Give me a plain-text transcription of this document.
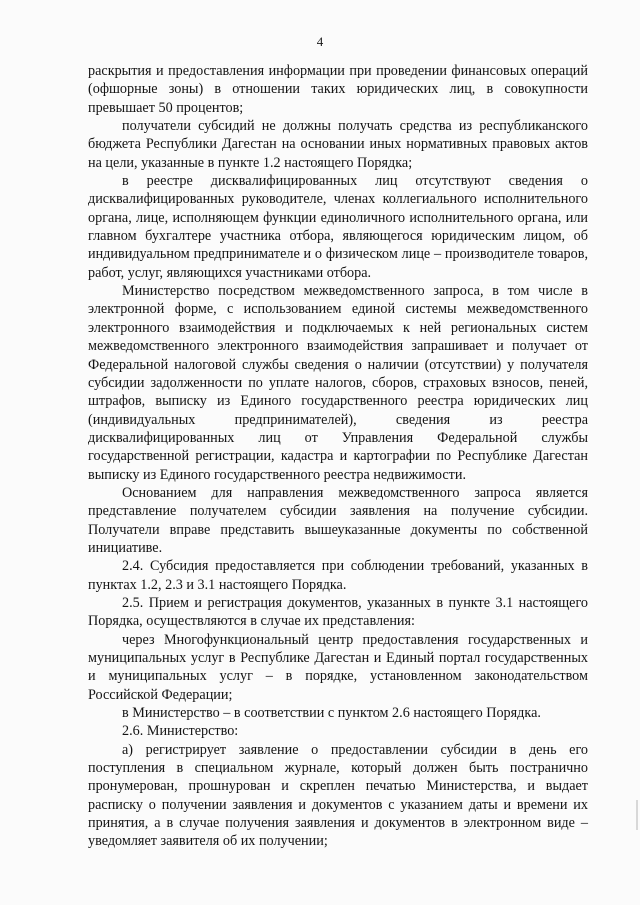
4

раскрытия и предоставления информации при проведении финансовых операций (офшорные зоны) в отношении таких юридических лиц, в совокупности превышает 50 процентов;

получатели субсидий не должны получать средства из республиканского бюджета Республики Дагестан на основании иных нормативных правовых актов на цели, указанные в пункте 1.2 настоящего Порядка;

в реестре дисквалифицированных лиц отсутствуют сведения о дисквалифицированных руководителе, членах коллегиального исполнительного органа, лице, исполняющем функции единоличного исполнительного органа, или главном бухгалтере участника отбора, являющегося юридическим лицом, об индивидуальном предпринимателе и о физическом лице – производителе товаров, работ, услуг, являющихся участниками отбора.

Министерство посредством межведомственного запроса, в том числе в электронной форме, с использованием единой системы межведомственного электронного взаимодействия и подключаемых к ней региональных систем межведомственного электронного взаимодействия запрашивает и получает от Федеральной налоговой службы сведения о наличии (отсутствии) у получателя субсидии задолженности по уплате налогов, сборов, страховых взносов, пеней, штрафов, выписку из Единого государственного реестра юридических лиц (индивидуальных предпринимателей), сведения из реестра дисквалифицированных лиц от Управления Федеральной службы государственной регистрации, кадастра и картографии по Республике Дагестан выписку из Единого государственного реестра недвижимости.

Основанием для направления межведомственного запроса является представление получателем субсидии заявления на получение субсидии. Получатели вправе представить вышеуказанные документы по собственной инициативе.

2.4. Субсидия предоставляется при соблюдении требований, указанных в пунктах 1.2, 2.3 и 3.1 настоящего Порядка.

2.5. Прием и регистрация документов, указанных в пункте 3.1 настоящего Порядка, осуществляются в случае их представления:

через Многофункциональный центр предоставления государственных и муниципальных услуг в Республике Дагестан и Единый портал государственных и муниципальных услуг – в порядке, установленном законодательством Российской Федерации;

в Министерство – в соответствии с пунктом 2.6 настоящего Порядка.

2.6. Министерство:

а) регистрирует заявление о предоставлении субсидии в день его поступления в специальном журнале, который должен быть постранично пронумерован, прошнурован и скреплен печатью Министерства, и выдает расписку о получении заявления и документов с указанием даты и времени их принятия, а в случае получения заявления и документов в электронном виде – уведомляет заявителя об их получении;
